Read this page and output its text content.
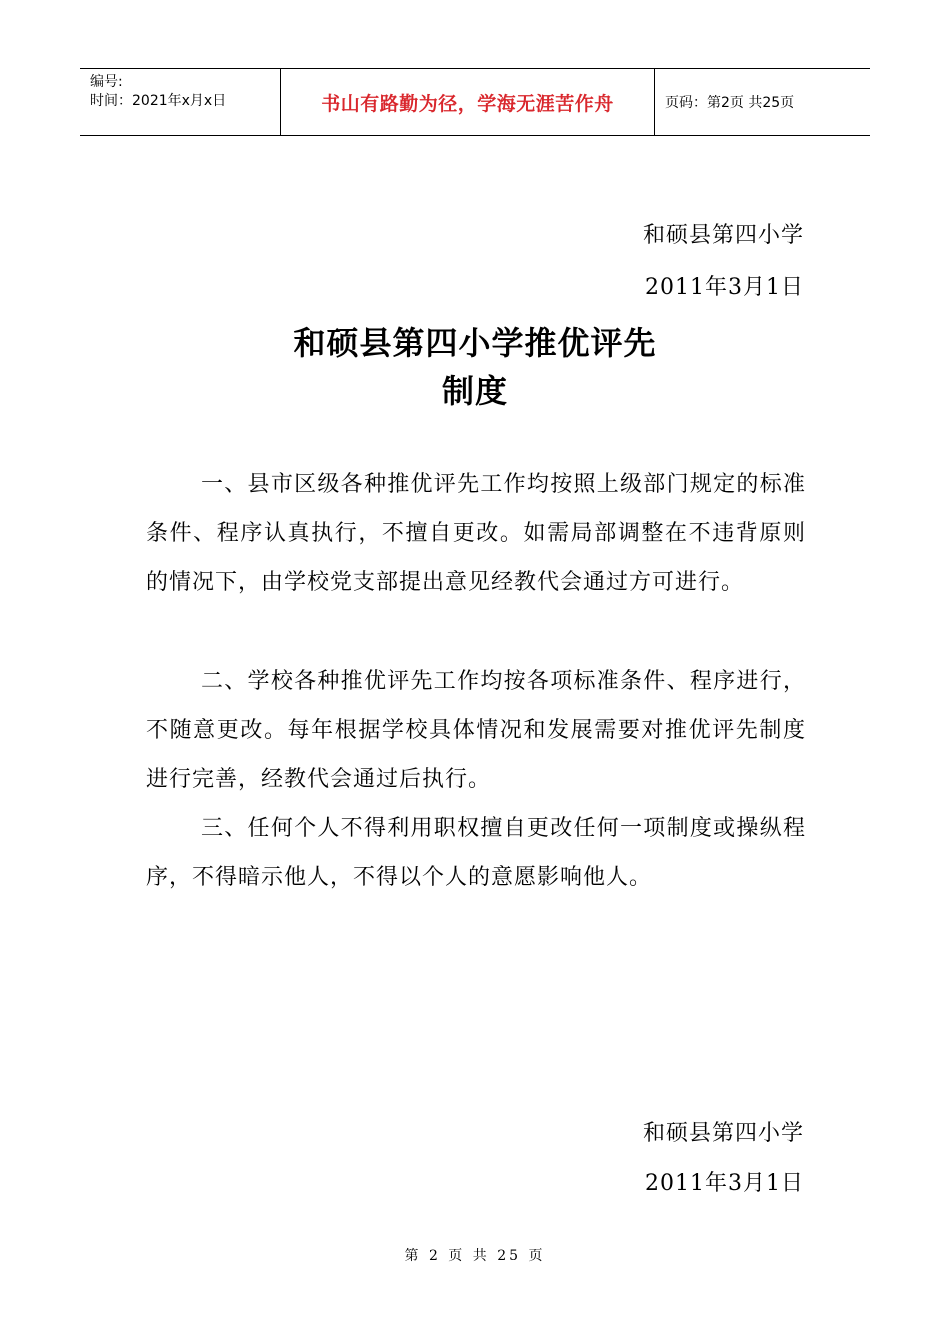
编号:
时间：2021年x月x日	书山有路勤为径，学海无涯苦作舟	页码：第2页 共25页
和硕县第四小学
2011年3月1日
和硕县第四小学推优评先
制度
一、县市区级各种推优评先工作均按照上级部门规定的标准条件、程序认真执行，不擅自更改。如需局部调整在不违背原则的情况下，由学校党支部提出意见经教代会通过方可进行。
二、学校各种推优评先工作均按各项标准条件、程序进行，不随意更改。每年根据学校具体情况和发展需要对推优评先制度进行完善，经教代会通过后执行。
三、任何个人不得利用职权擅自更改任何一项制度或操纵程序，不得暗示他人，不得以个人的意愿影响他人。
和硕县第四小学
2011年3月1日
第 2 页 共 25 页
